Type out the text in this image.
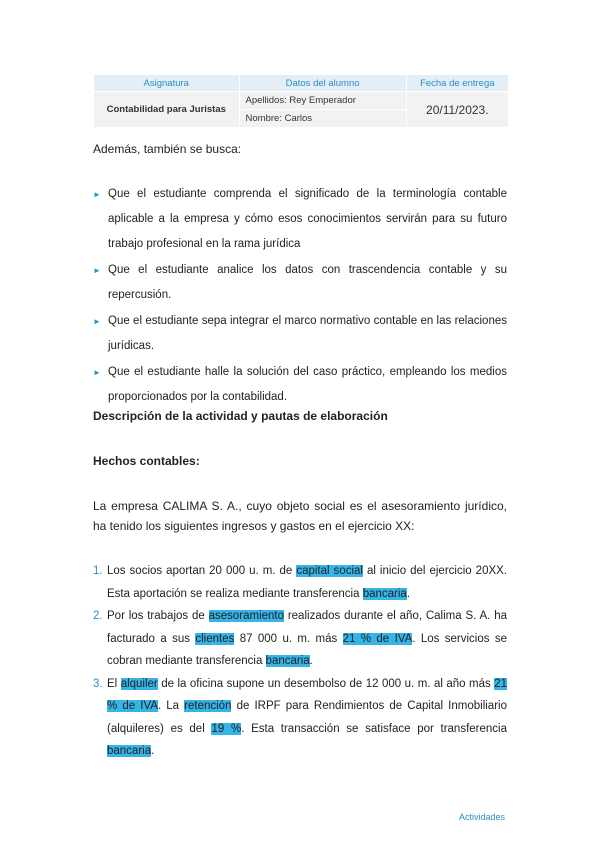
Asignatura	Datos del alumno	Fecha de entrega
Contabilidad para Juristas	Apellidos: Rey Emperador	20/11/2023.
	Nombre: Carlos	
Además, también se busca:
► Que el estudiante comprenda el significado de la terminología contable aplicable a la empresa y cómo esos conocimientos servirán para su futuro trabajo profesional en la rama jurídica
► Que el estudiante analice los datos con trascendencia contable y su repercusión.
► Que el estudiante sepa integrar el marco normativo contable en las relaciones jurídicas.
► Que el estudiante halle la solución del caso práctico, empleando los medios proporcionados por la contabilidad.
Descripción de la actividad y pautas de elaboración
Hechos contables:
La empresa CALIMA S. A., cuyo objeto social es el asesoramiento jurídico, ha tenido los siguientes ingresos y gastos en el ejercicio XX:
1. Los socios aportan 20 000 u. m. de capital social al inicio del ejercicio 20XX. Esta aportación se realiza mediante transferencia bancaria.
2. Por los trabajos de asesoramiento realizados durante el año, Calima S. A. ha facturado a sus clientes 87 000 u. m. más 21 % de IVA. Los servicios se cobran mediante transferencia bancaria.
3. El alquiler de la oficina supone un desembolso de 12 000 u. m. al año más 21 % de IVA. La retención de IRPF para Rendimientos de Capital Inmobiliario (alquileres) es del 19 %. Esta transacción se satisface por transferencia bancaria.
Actividades
